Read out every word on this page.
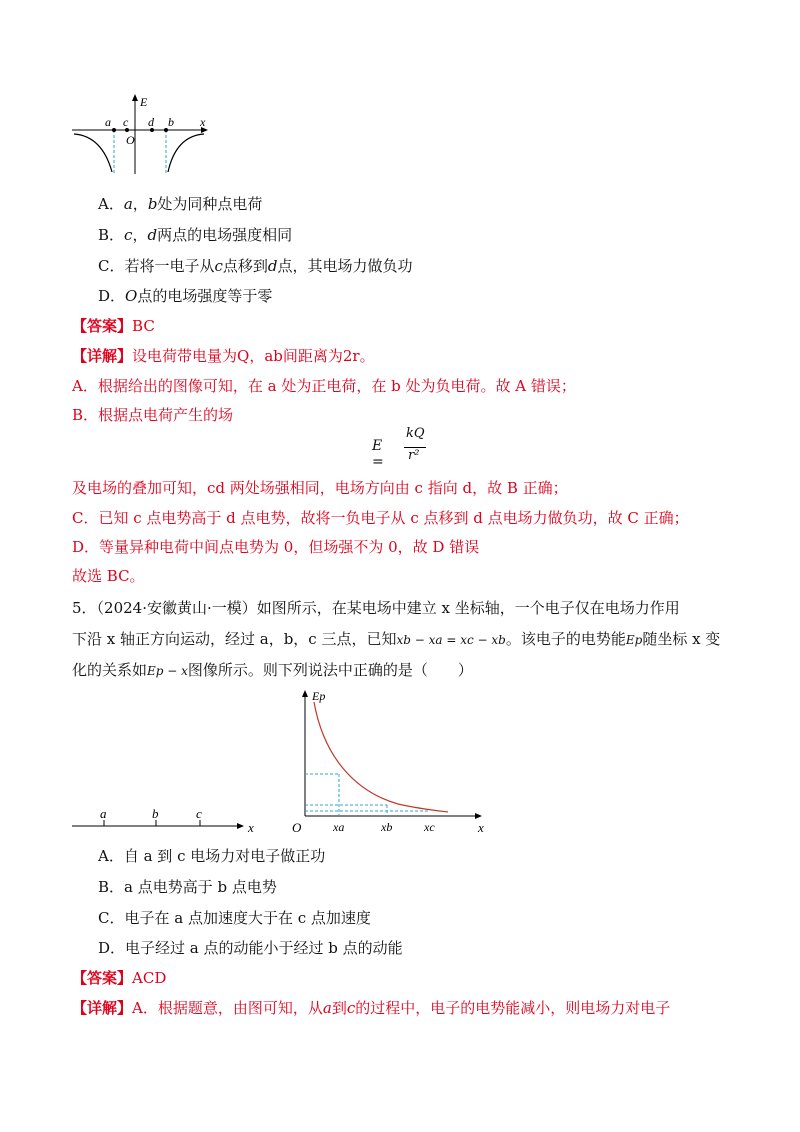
a c d b x
E
O
A．a，b处为同种点电荷
B．c，d两点的电场强度相同
C．若将一电子从c点移到d点，其电场力做负功
D．O点的电场强度等于零
【答案】BC
【详解】设电荷带电量为Q，ab间距离为2r。
A．根据给出的图像可知，在 a 处为正电荷，在 b 处为负电荷。故 A 错误；
B．根据点电荷产生的场
E =
kQ
r²
及电场的叠加可知，cd 两处场强相同，电场方向由 c 指向 d，故 B 正确；
C．已知 c 点电势高于 d 点电势，故将一负电子从 c 点移到 d 点电场力做负功，故 C 正确；
D．等量异种电荷中间点电势为 0，但场强不为 0，故 D 错误
故选 BC。
5．（2024·安徽黄山·一模）如图所示，在某电场中建立 x 坐标轴，一个电子仅在电场力作用
下沿 x 轴正方向运动，经过 a，b，c 三点，已知xb − xa = xc − xb。该电子的电势能Ep随坐标 x 变
化的关系如Ep − x图像所示。则下列说法中正确的是（　　）
a	b	c
x
Ep
O	xa	xb	xc	x
A．自 a 到 c 电场力对电子做正功
B．a 点电势高于 b 点电势
C．电子在 a 点加速度大于在 c 点加速度
D．电子经过 a 点的动能小于经过 b 点的动能
【答案】ACD
【详解】A．根据题意，由图可知，从a到c的过程中，电子的电势能减小，则电场力对电子
